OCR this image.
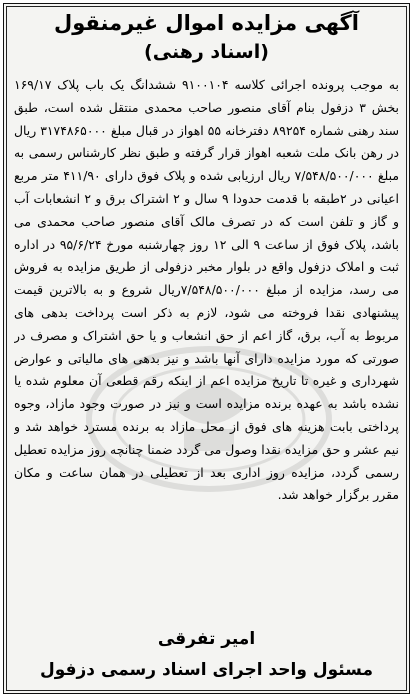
آگهی مزایده اموال غیرمنقول
(اسناد رهنی)
به موجب پرونده اجرائی کلاسه ۹۱۰۰۱۰۴ ششدانگ یک باب پلاک ۱۶۹/۱۷ بخش ۳ دزفول بنام آقای منصور صاحب محمدی منتقل شده است، طبق سند رهنی شماره ۸۹۲۵۴ دفترخانه ۵۵ اهواز در قبال مبلغ ۳۱۷۴۸۶۵۰۰۰ ریال در رهن بانک ملت شعبه اهواز قرار گرفته و طبق نظر کارشناس رسمی به مبلغ ۷/۵۴۸/۵۰۰/۰۰۰ ریال ارزیابی شده و پلاک فوق دارای ۴۱۱/۹۰ متر مربع اعیانی در ۲طبقه با قدمت حدودا ۹ سال و ۲ اشتراک برق و ۲ انشعابات آب و گاز و تلفن است که در تصرف مالک آقای منصور صاحب محمدی می باشد، پلاک فوق از ساعت ۹ الی ۱۲ روز چهارشنبه مورخ ۹۵/۶/۲۴ در اداره ثبت و املاک دزفول واقع در بلوار مخبر دزفولی از طریق مزایده به فروش می رسد، مزایده از مبلغ ۷/۵۴۸/۵۰۰/۰۰۰ریال شروع و به بالاترین قیمت پیشنهادی نقدا فروخته می شود، لازم به ذکر است پرداخت بدهی های مربوط به آب، برق، گاز اعم از حق انشعاب و یا حق اشتراک و مصرف در صورتی که مورد مزایده دارای آنها باشد و نیز بدهی های مالیاتی و عوارض شهرداری و غیره تا تاریخ مزایده اعم از اینکه رقم قطعی آن معلوم شده یا نشده باشد به عهده برنده مزایده است و نیز در صورت وجود مازاد، وجوه پرداختی بابت هزینه های فوق از محل مازاد به برنده مسترد خواهد شد و نیم عشر و حق مزایده نقدا وصول می گردد ضمنا چنانچه روز مزایده تعطیل رسمی گردد، مزایده روز اداری بعد از تعطیلی در همان ساعت و مکان مقرر برگزار خواهد شد.
امیر تفرقی
مسئول واحد اجرای اسناد رسمی دزفول
